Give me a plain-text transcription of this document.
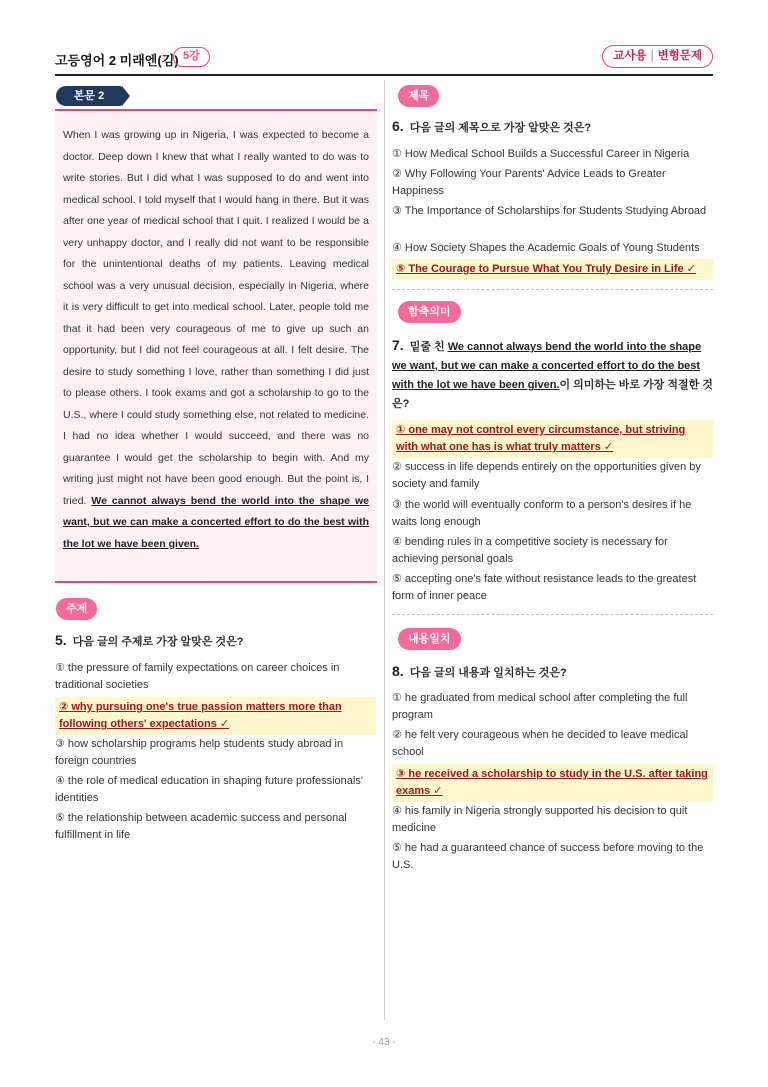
고등영어 2 미래엔(김) 5강	교사용 | 변형문제
본문 2

When I was growing up in Nigeria, I was expected to become a doctor. Deep down I knew that what I really wanted to do was to write stories. But I did what I was supposed to do and went into medical school. I told myself that I would hang in there. But it was after one year of medical school that I quit. I realized I would be a very unhappy doctor, and I really did not want to be responsible for the unintentional deaths of my patients. Leaving medical school was a very unusual decision, especially in Nigeria, where it is very difficult to get into medical school. Later, people told me that it had been very courageous of me to give up such an opportunity, but I did not feel courageous at all. I felt desire. The desire to study something I love, rather than something I did just to please others. I took exams and got a scholarship to go to the U.S., where I could study something else, not related to medicine. I had no idea whether I would succeed, and there was no guarantee I would get the scholarship to begin with. And my writing just might not have been good enough. But the point is, I tried. We cannot always bend the world into the shape we want, but we can make a concerted effort to do the best with the lot we have been given.

주제
5. 다음 글의 주제로 가장 알맞은 것은?
① the pressure of family expectations on career choices in traditional societies
② why pursuing one's true passion matters more than following others' expectations ✓
③ how scholarship programs help students study abroad in foreign countries
④ the role of medical education in shaping future professionals' identities
⑤ the relationship between academic success and personal fulfillment in life
제목
6. 다음 글의 제목으로 가장 알맞은 것은?
① How Medical School Builds a Successful Career in Nigeria
② Why Following Your Parents' Advice Leads to Greater Happiness
③ The Importance of Scholarships for Students Studying Abroad
④ How Society Shapes the Academic Goals of Young Students
⑤ The Courage to Pursue What You Truly Desire in Life ✓
함축의미
7. 밑줄 친 We cannot always bend the world into the shape we want, but we can make a concerted effort to do the best with the lot we have been given.이 의미하는 바로 가장 적절한 것은?
① one may not control every circumstance, but striving with what one has is what truly matters ✓
② success in life depends entirely on the opportunities given by society and family
③ the world will eventually conform to a person's desires if he waits long enough
④ bending rules in a competitive society is necessary for achieving personal goals
⑤ accepting one's fate without resistance leads to the greatest form of inner peace
내용일치
8. 다음 글의 내용과 일치하는 것은?
① he graduated from medical school after completing the full program
② he felt very courageous when he decided to leave medical school
③ he received a scholarship to study in the U.S. after taking exams ✓
④ his family in Nigeria strongly supported his decision to quit medicine
⑤ he had a guaranteed chance of success before moving to the U.S.
- 43 -
